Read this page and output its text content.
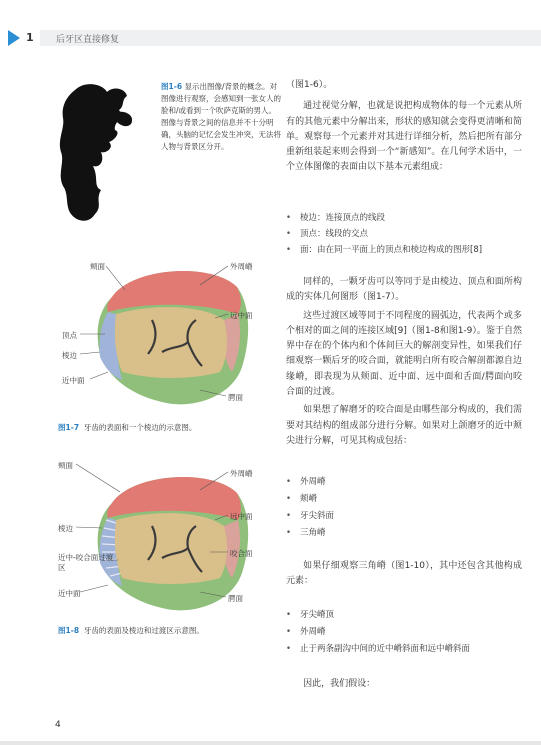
1 后牙区直接修复
图1-6 显示出图像/背景的概念。对图像进行观察，会感知到一张女人的脸和/或看到一个吹萨克斯的男人。图像与背景之间的信息并不十分明确，头脑的记忆会发生冲突，无法将人物与背景区分开。
颊面	外周嵴
远中面
顶点
棱边
近中面
腭面
图1-7 牙齿的表面和一个棱边的示意图。
颊面
外周嵴
远中面
棱边
咬合面
近中-咬合面过渡区
近中面
腭面
图1-8 牙齿的表面及棱边和过渡区示意图。

（图1-6）。

通过视觉分解，也就是说把构成物体的每一个元素从所有的其他元素中分解出来，形状的感知就会变得更清晰和简单。观察每一个元素并对其进行详细分析，然后把所有部分重新组装起来则会得到一个“新感知”。在几何学术语中，一个立体图像的表面由以下基本元素组成：

• 棱边：连接顶点的线段
• 顶点：线段的交点
• 面：由在同一平面上的顶点和棱边构成的图形[8]

同样的，一颗牙齿可以等同于是由棱边、顶点和面所构成的实体几何图形（图1-7）。

这些过渡区域等同于不同程度的圆弧边，代表两个或多个相对的面之间的连接区域[9]（图1-8和图1-9）。鉴于自然界中存在的个体内和个体间巨大的解剖变异性，如果我们仔细观察一颗后牙的咬合面，就能明白所有咬合解剖都源自边缘嵴，即表现为从颊面、近中面、远中面和舌面/腭面向咬合面的过渡。

如果想了解磨牙的咬合面是由哪些部分构成的，我们需要对其结构的组成部分进行分解。如果对上颌磨牙的近中颊尖进行分解，可见其构成包括：

• 外周嵴
• 颊嵴
• 牙尖斜面
• 三角嵴

如果仔细观察三角嵴（图1-10），其中还包含其他构成元素：

• 牙尖嵴顶
• 外周嵴
• 止于两条副沟中间的近中嵴斜面和远中嵴斜面

因此，我们假设：

4
